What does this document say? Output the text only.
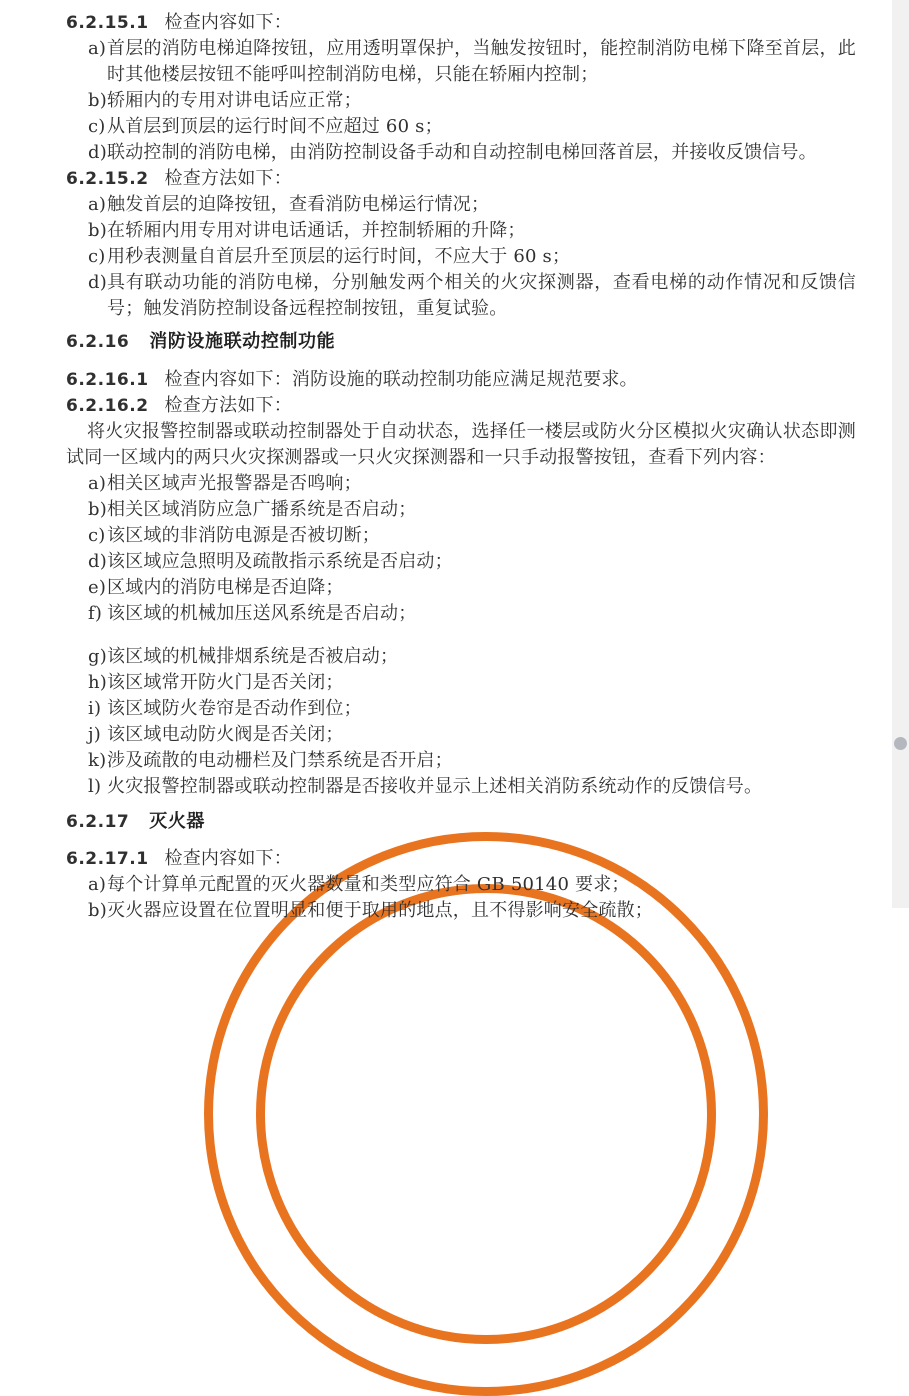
6.2.15.1 检查内容如下：
a) 首层的消防电梯迫降按钮，应用透明罩保护，当触发按钮时，能控制消防电梯下降至首层，此时其他楼层按钮不能呼叫控制消防电梯，只能在轿厢内控制；
b) 轿厢内的专用对讲电话应正常；
c) 从首层到顶层的运行时间不应超过 60 s；
d) 联动控制的消防电梯，由消防控制设备手动和自动控制电梯回落首层，并接收反馈信号。
6.2.15.2 检查方法如下：
a) 触发首层的迫降按钮，查看消防电梯运行情况；
b) 在轿厢内用专用对讲电话通话，并控制轿厢的升降；
c) 用秒表测量自首层升至顶层的运行时间，不应大于 60 s；
d) 具有联动功能的消防电梯，分别触发两个相关的火灾探测器，查看电梯的动作情况和反馈信号；触发消防控制设备远程控制按钮，重复试验。
6.2.16 消防设施联动控制功能
6.2.16.1 检查内容如下：消防设施的联动控制功能应满足规范要求。
6.2.16.2 检查方法如下：
将火灾报警控制器或联动控制器处于自动状态，选择任一楼层或防火分区模拟火灾确认状态即测试同一区域内的两只火灾探测器或一只火灾探测器和一只手动报警按钮，查看下列内容：
a) 相关区域声光报警器是否鸣响；
b) 相关区域消防应急广播系统是否启动；
c) 该区域的非消防电源是否被切断；
d) 该区域应急照明及疏散指示系统是否启动；
e) 区域内的消防电梯是否迫降；
f) 该区域的机械加压送风系统是否启动；
g) 该区域的机械排烟系统是否被启动；
h) 该区域常开防火门是否关闭；
i) 该区域防火卷帘是否动作到位；
j) 该区域电动防火阀是否关闭；
k) 涉及疏散的电动栅栏及门禁系统是否开启；
l) 火灾报警控制器或联动控制器是否接收并显示上述相关消防系统动作的反馈信号。
6.2.17 灭火器
6.2.17.1 检查内容如下：
a) 每个计算单元配置的灭火器数量和类型应符合 GB 50140 要求；
b) 灭火器应设置在位置明显和便于取用的地点，且不得影响安全疏散；
